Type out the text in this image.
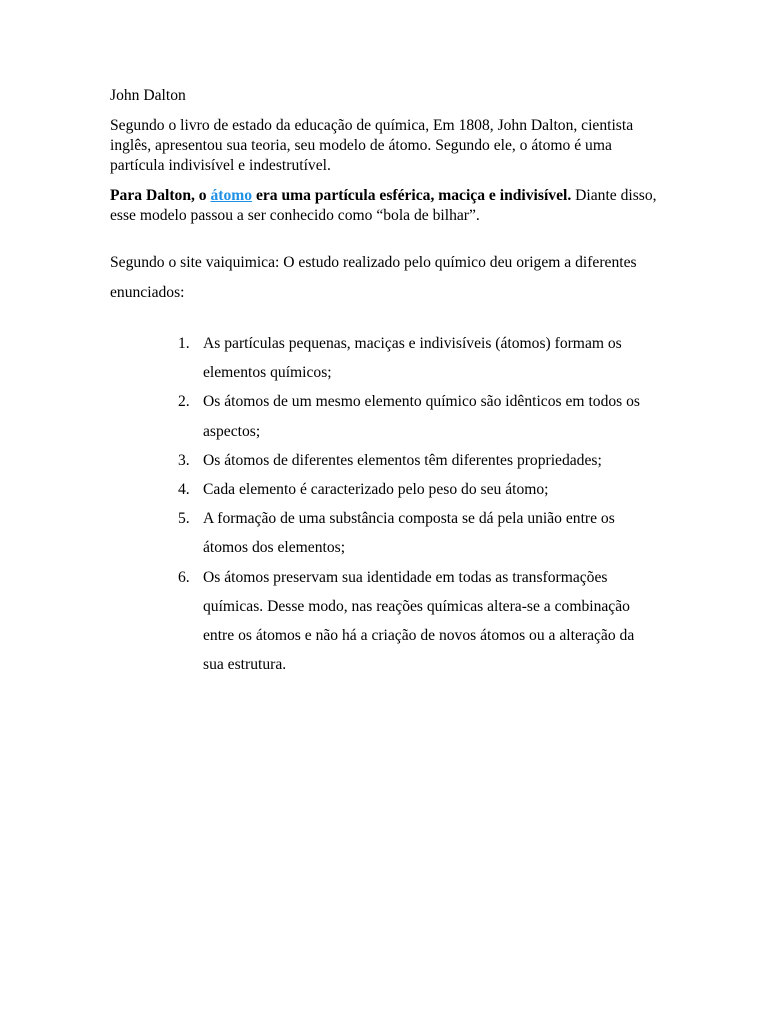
John Dalton

Segundo o livro de estado da educação de química, Em 1808, John Dalton, cientista inglês, apresentou sua teoria, seu modelo de átomo. Segundo ele, o átomo é uma partícula indivisível e indestrutível.

Para Dalton, o átomo era uma partícula esférica, maciça e indivisível. Diante disso, esse modelo passou a ser conhecido como “bola de bilhar”.

Segundo o site vaiquimica: O estudo realizado pelo químico deu origem a diferentes enunciados:

1. As partículas pequenas, maciças e indivisíveis (átomos) formam os elementos químicos;
2. Os átomos de um mesmo elemento químico são idênticos em todos os aspectos;
3. Os átomos de diferentes elementos têm diferentes propriedades;
4. Cada elemento é caracterizado pelo peso do seu átomo;
5. A formação de uma substância composta se dá pela união entre os átomos dos elementos;
6. Os átomos preservam sua identidade em todas as transformações químicas. Desse modo, nas reações químicas altera-se a combinação entre os átomos e não há a criação de novos átomos ou a alteração da sua estrutura.
